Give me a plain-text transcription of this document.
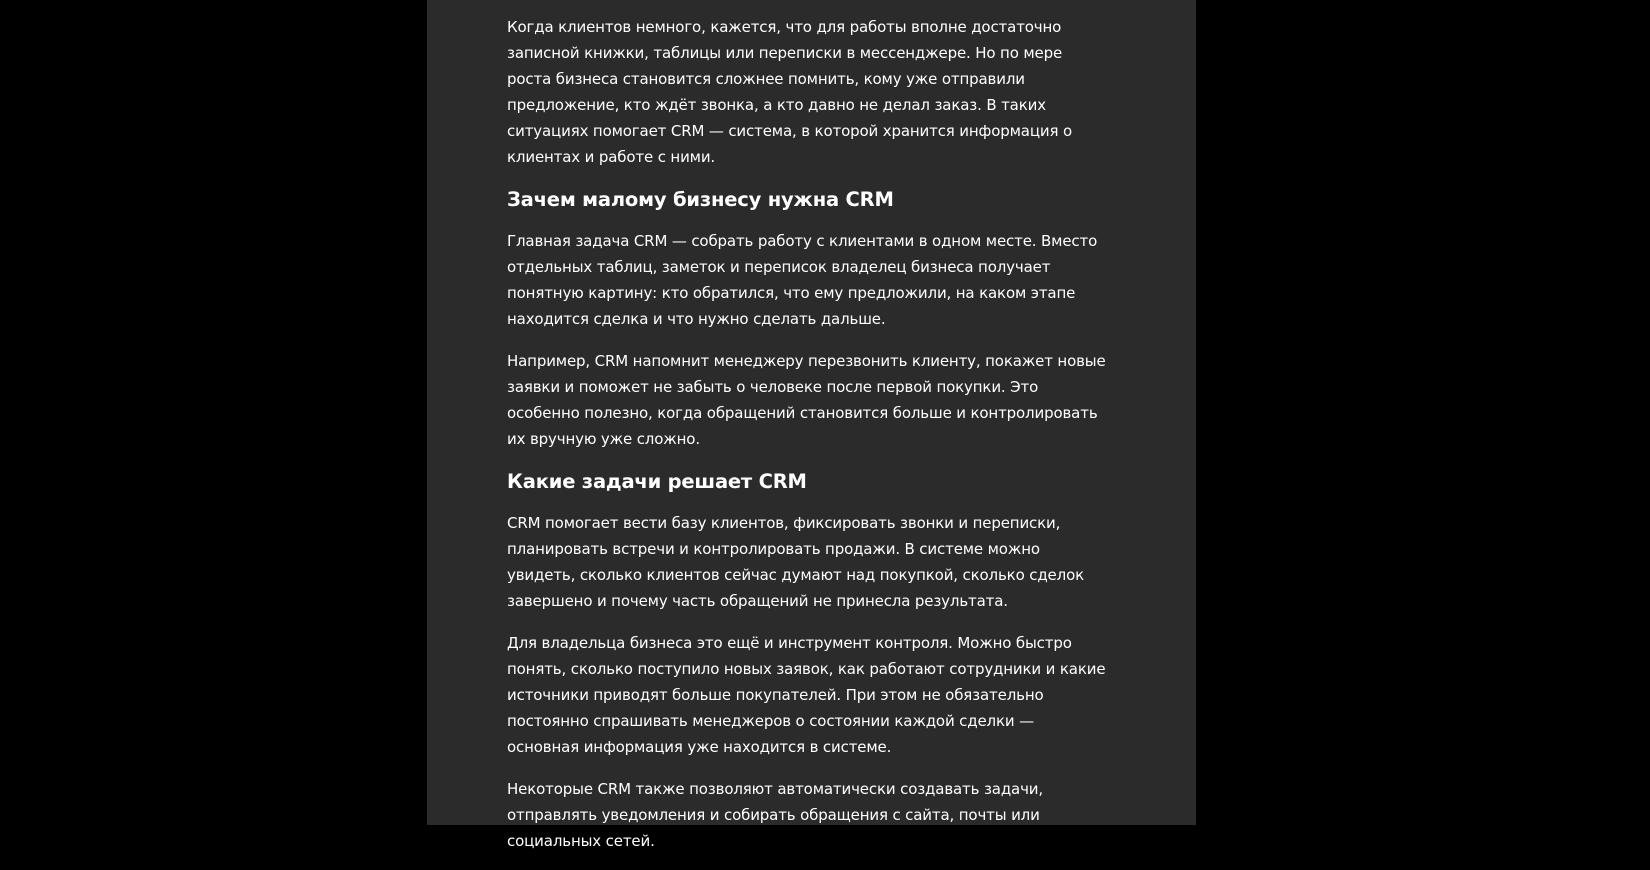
Когда клиентов немного, кажется, что для работы вполне достаточно записной книжки, таблицы или переписки в мессенджере. Но по мере роста бизнеса становится сложнее помнить, кому уже отправили предложение, кто ждёт звонка, а кто давно не делал заказ. В таких ситуациях помогает CRM — система, в которой хранится информация о клиентах и работе с ними.

Зачем малому бизнесу нужна CRM

Главная задача CRM — собрать работу с клиентами в одном месте. Вместо отдельных таблиц, заметок и переписок владелец бизнеса получает понятную картину: кто обратился, что ему предложили, на каком этапе находится сделка и что нужно сделать дальше.

Например, CRM напомнит менеджеру перезвонить клиенту, покажет новые заявки и поможет не забыть о человеке после первой покупки. Это особенно полезно, когда обращений становится больше и контролировать их вручную уже сложно.

Какие задачи решает CRM

CRM помогает вести базу клиентов, фиксировать звонки и переписки, планировать встречи и контролировать продажи. В системе можно увидеть, сколько клиентов сейчас думают над покупкой, сколько сделок завершено и почему часть обращений не принесла результата.

Для владельца бизнеса это ещё и инструмент контроля. Можно быстро понять, сколько поступило новых заявок, как работают сотрудники и какие источники приводят больше покупателей. При этом не обязательно постоянно спрашивать менеджеров о состоянии каждой сделки — основная информация уже находится в системе.

Некоторые CRM также позволяют автоматически создавать задачи, отправлять уведомления и собирать обращения с сайта, почты или социальных сетей.
